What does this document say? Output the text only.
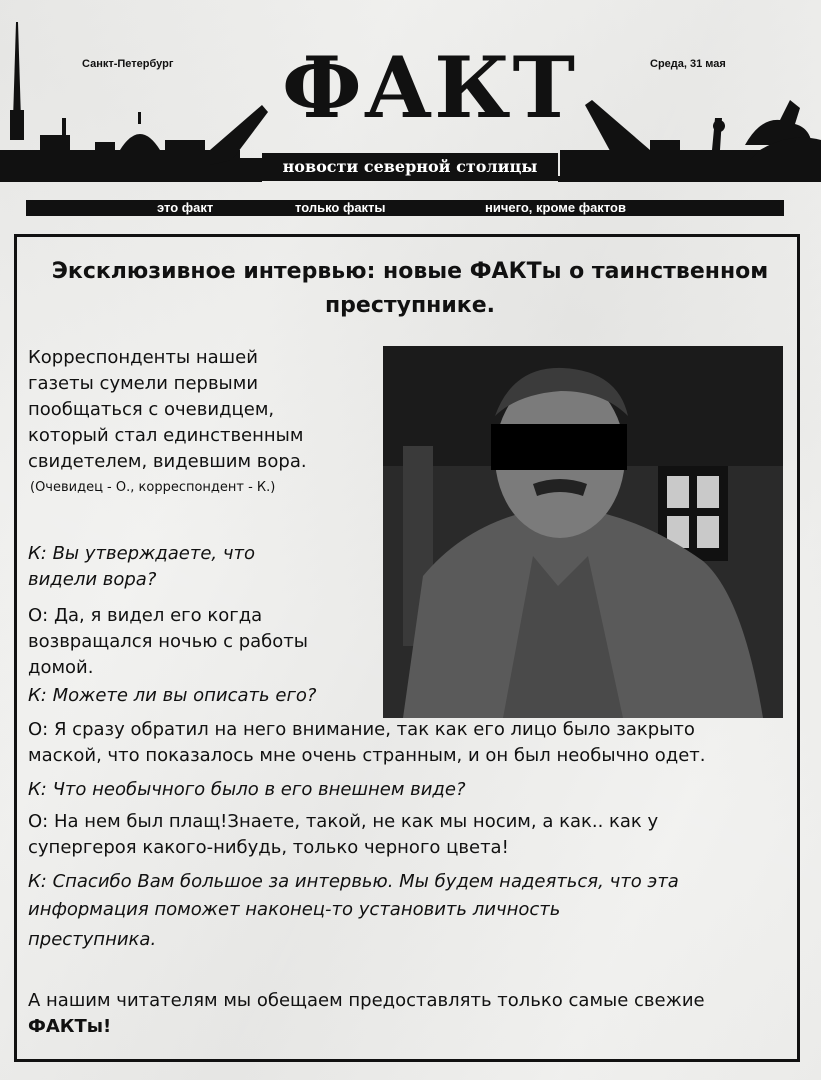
Санкт-Петербург	Среда, 31 мая
ФАКТ
новости северной столицы
это факт	только факты	ничего, кроме фактов
Эксклюзивное интервью: новые ФАКТы о таинственном
преступнике.
Корреспонденты нашей
газеты сумели первыми
пообщаться с очевидцем,
который стал единственным
свидетелем, видевшим вора.
(Очевидец - О., корреспондент - К.)
К: Вы утверждаете, что
видели вора?
О: Да, я видел его когда
возвращался ночью с работы
домой.
К: Можете ли вы описать его?
О: Я сразу обратил на него внимание, так как его лицо было закрыто
маской, что показалось мне очень странным, и он был необычно одет.
К: Что необычного было в его внешнем виде?
О: На нем был плащ!Знаете, такой, не как мы носим, а как.. как у
супергероя какого-нибудь, только черного цвета!
К: Спасибо Вам большое за интервью. Мы будем надеяться, что эта
информация поможет наконец-то установить личность
преступника.
А нашим читателям мы обещаем предоставлять только самые свежие
ФАКТы!
